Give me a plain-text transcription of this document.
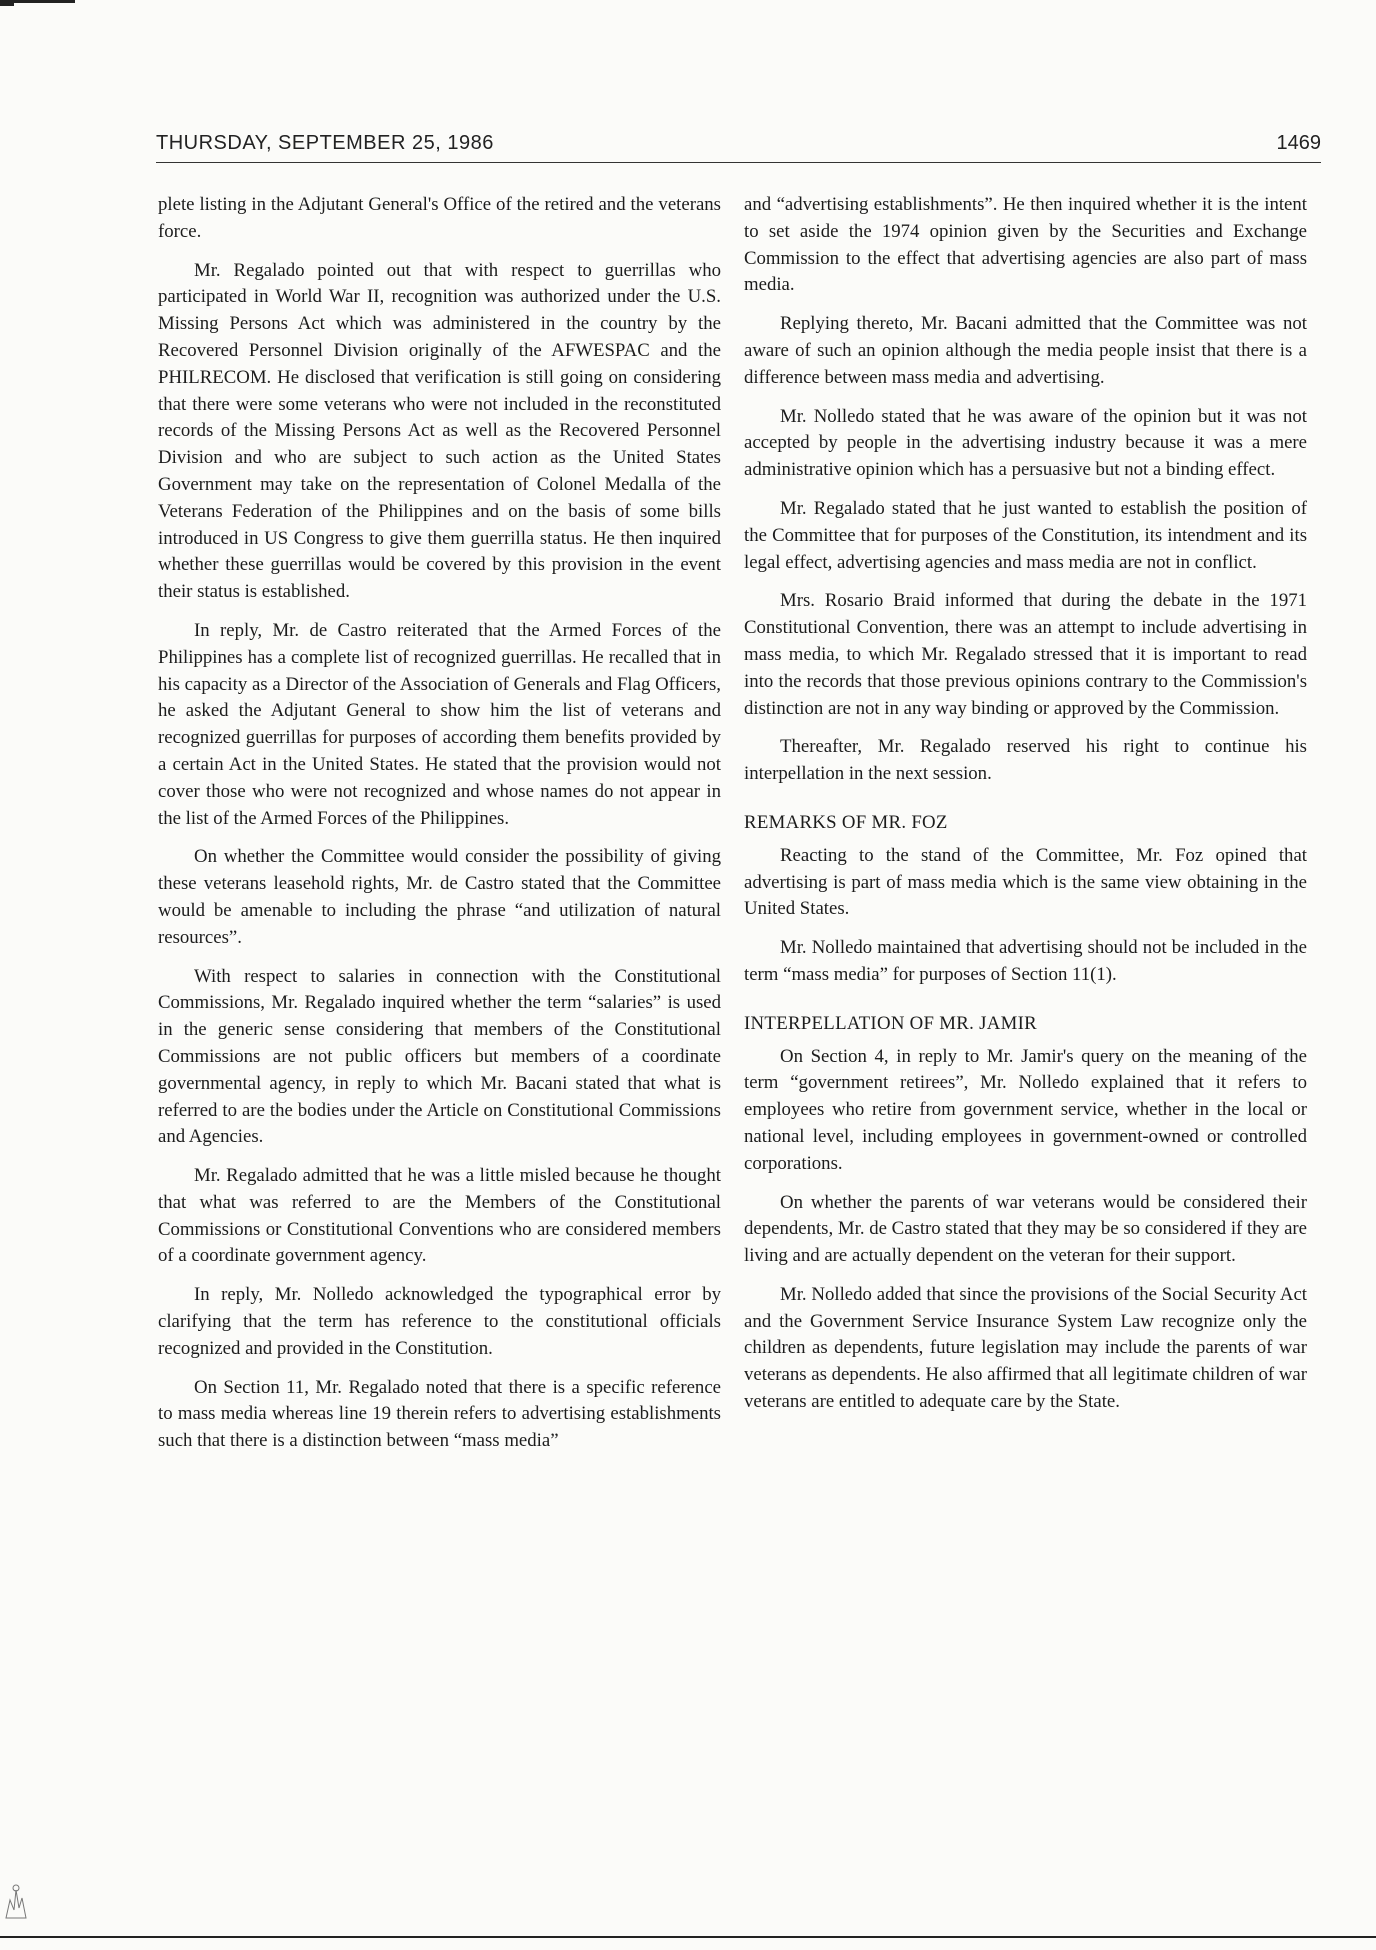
THURSDAY, SEPTEMBER 25, 1986	1469

plete listing in the Adjutant General's Office of the retired and the veterans force.

Mr. Regalado pointed out that with respect to guerrillas who participated in World War II, recognition was authorized under the U.S. Missing Persons Act which was administered in the country by the Recovered Personnel Division originally of the AFWESPAC and the PHILRECOM. He disclosed that verification is still going on considering that there were some veterans who were not included in the reconstituted records of the Missing Persons Act as well as the Recovered Personnel Division and who are subject to such action as the United States Government may take on the representation of Colonel Medalla of the Veterans Federation of the Philippines and on the basis of some bills introduced in US Congress to give them guerrilla status. He then inquired whether these guerrillas would be covered by this provision in the event their status is established.

In reply, Mr. de Castro reiterated that the Armed Forces of the Philippines has a complete list of recognized guerrillas. He recalled that in his capacity as a Director of the Association of Generals and Flag Officers, he asked the Adjutant General to show him the list of veterans and recognized guerrillas for purposes of according them benefits provided by a certain Act in the United States. He stated that the provision would not cover those who were not recognized and whose names do not appear in the list of the Armed Forces of the Philippines.

On whether the Committee would consider the possibility of giving these veterans leasehold rights, Mr. de Castro stated that the Committee would be amenable to including the phrase “and utilization of natural resources”.

With respect to salaries in connection with the Constitutional Commissions, Mr. Regalado inquired whether the term “salaries” is used in the generic sense considering that members of the Constitutional Commissions are not public officers but members of a coordinate governmental agency, in reply to which Mr. Bacani stated that what is referred to are the bodies under the Article on Constitutional Commissions and Agencies.

Mr. Regalado admitted that he was a little misled because he thought that what was referred to are the Members of the Constitutional Commissions or Constitutional Conventions who are considered members of a coordinate government agency.

In reply, Mr. Nolledo acknowledged the typographical error by clarifying that the term has reference to the constitutional officials recognized and provided in the Constitution.

On Section 11, Mr. Regalado noted that there is a specific reference to mass media whereas line 19 therein refers to advertising establishments such that there is a distinction between “mass media”

and “advertising establishments”. He then inquired whether it is the intent to set aside the 1974 opinion given by the Securities and Exchange Commission to the effect that advertising agencies are also part of mass media.

Replying thereto, Mr. Bacani admitted that the Committee was not aware of such an opinion although the media people insist that there is a difference between mass media and advertising.

Mr. Nolledo stated that he was aware of the opinion but it was not accepted by people in the advertising industry because it was a mere administrative opinion which has a persuasive but not a binding effect.

Mr. Regalado stated that he just wanted to establish the position of the Committee that for purposes of the Constitution, its intendment and its legal effect, advertising agencies and mass media are not in conflict.

Mrs. Rosario Braid informed that during the debate in the 1971 Constitutional Convention, there was an attempt to include advertising in mass media, to which Mr. Regalado stressed that it is important to read into the records that those previous opinions contrary to the Commission's distinction are not in any way binding or approved by the Commission.

Thereafter, Mr. Regalado reserved his right to continue his interpellation in the next session.

REMARKS OF MR. FOZ

Reacting to the stand of the Committee, Mr. Foz opined that advertising is part of mass media which is the same view obtaining in the United States.

Mr. Nolledo maintained that advertising should not be included in the term “mass media” for purposes of Section 11(1).

INTERPELLATION OF MR. JAMIR

On Section 4, in reply to Mr. Jamir's query on the meaning of the term “government retirees”, Mr. Nolledo explained that it refers to employees who retire from government service, whether in the local or national level, including employees in government-owned or controlled corporations.

On whether the parents of war veterans would be considered their dependents, Mr. de Castro stated that they may be so considered if they are living and are actually dependent on the veteran for their support.

Mr. Nolledo added that since the provisions of the Social Security Act and the Government Service Insurance System Law recognize only the children as dependents, future legislation may include the parents of war veterans as dependents. He also affirmed that all legitimate children of war veterans are entitled to adequate care by the State.
